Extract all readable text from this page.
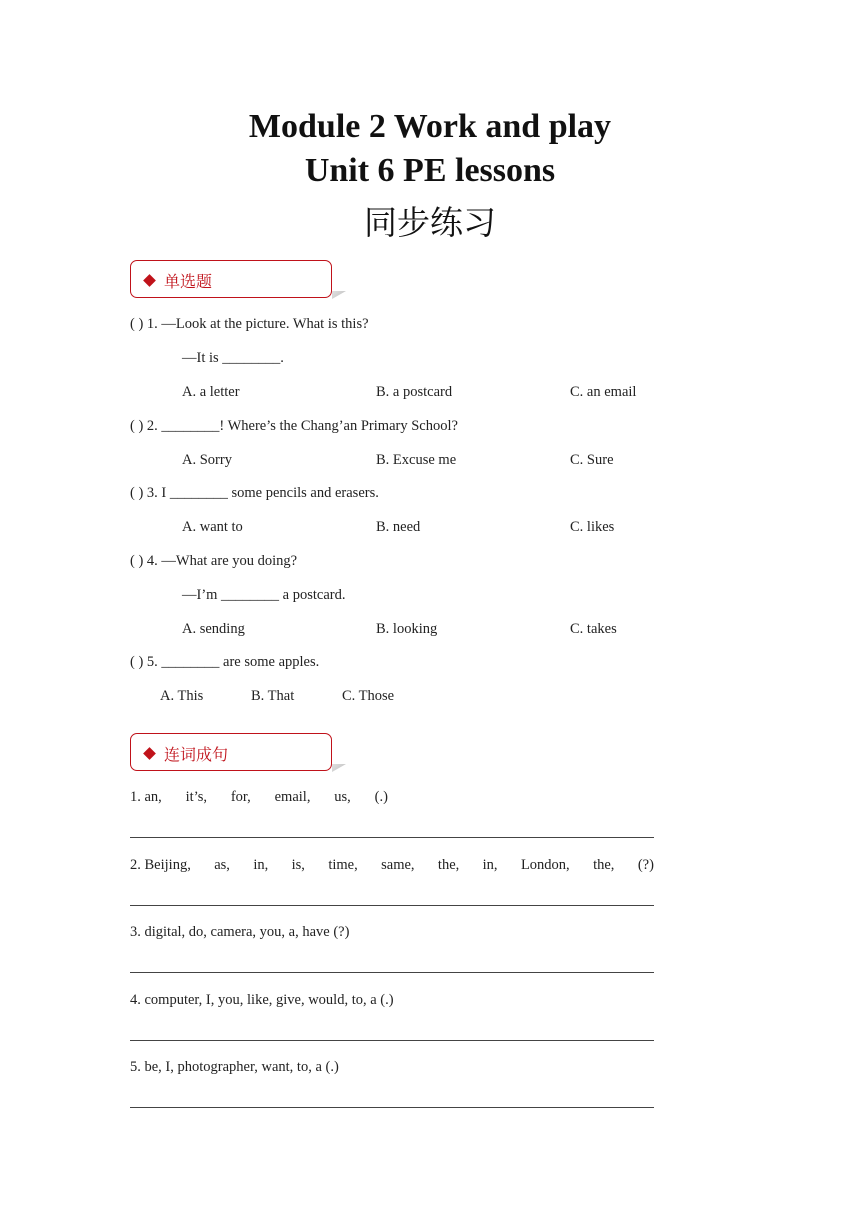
Module 2 Work and play
Unit 6 PE lessons
同步练习
单选题
( ) 1. —Look at the picture. What is this?
—It is ________.
A. a letter	B. a postcard	C. an email
( ) 2. ________! Where’s the Chang’an Primary School?
A. Sorry	B. Excuse me	C. Sure
( ) 3. I ________ some pencils and erasers.
A. want to	B. need	C. likes
( ) 4. —What are you doing?
—I’m ________ a postcard.
A. sending	B. looking	C. takes
( ) 5. ________ are some apples.
A. This	B. That	C. Those
连词成句
1. an, it’s, for, email, us, (.)
2. Beijing, as, in, is, time, same, the, in, London, the, (?)
3. digital, do, camera, you, a, have (?)
4. computer, I, you, like, give, would, to, a (.)
5. be, I, photographer, want, to, a (.)
